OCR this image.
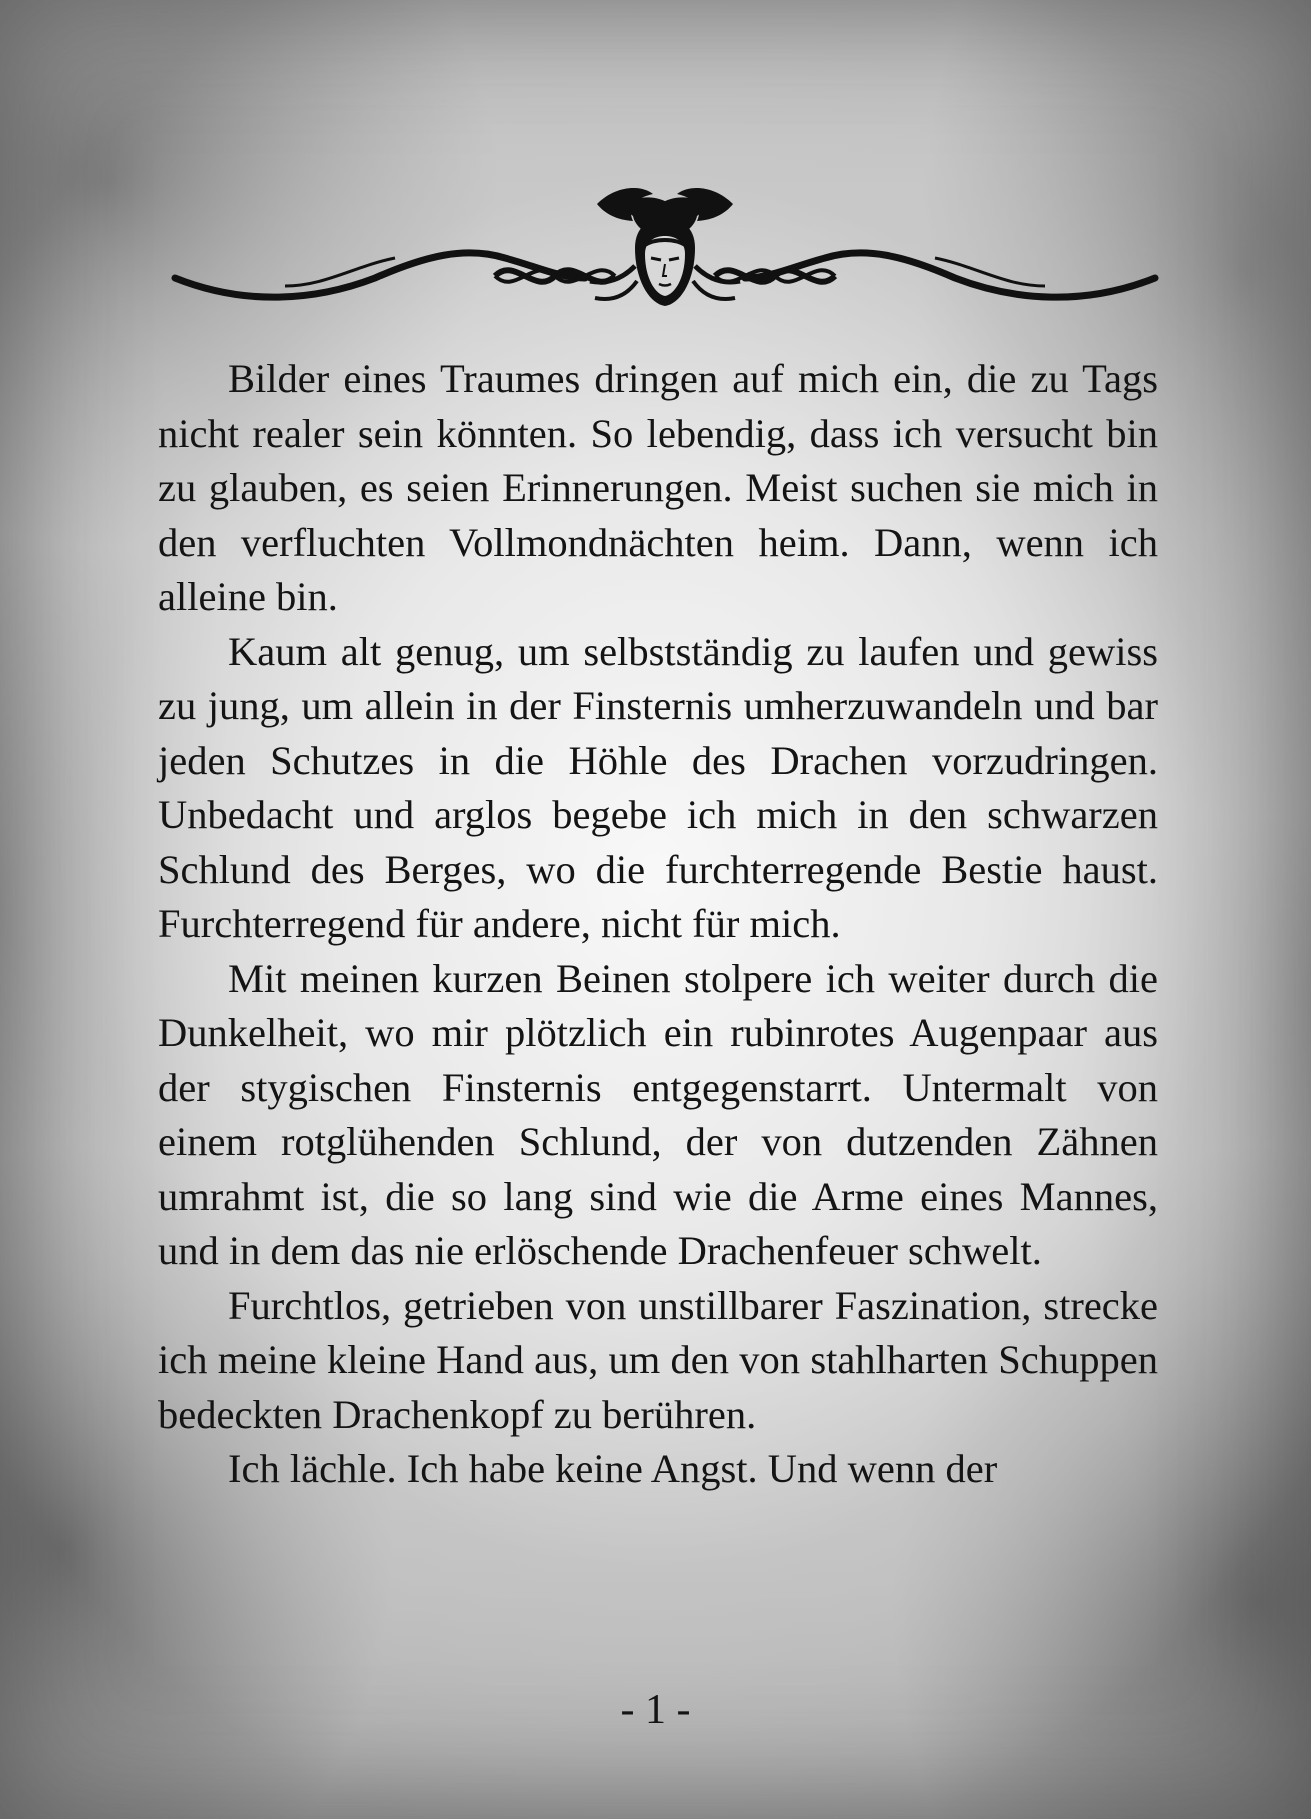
Bilder eines Traumes dringen auf mich ein, die zu Tags nicht realer sein könnten. So lebendig, dass ich versucht bin zu glauben, es seien Erinnerungen. Meist suchen sie mich in den verfluchten Vollmondnächten heim. Dann, wenn ich alleine bin.

Kaum alt genug, um selbstständig zu laufen und gewiss zu jung, um allein in der Finsternis umherzuwandeln und bar jeden Schutzes in die Höhle des Drachen vorzudringen. Unbedacht und arglos begebe ich mich in den schwarzen Schlund des Berges, wo die furchterregende Bestie haust. Furchterregend für andere, nicht für mich.

Mit meinen kurzen Beinen stolpere ich weiter durch die Dunkelheit, wo mir plötzlich ein rubinrotes Augenpaar aus der stygischen Finsternis entgegenstarrt. Untermalt von einem rotglühenden Schlund, der von dutzenden Zähnen umrahmt ist, die so lang sind wie die Arme eines Mannes, und in dem das nie erlöschende Drachenfeuer schwelt.

Furchtlos, getrieben von unstillbarer Faszination, strecke ich meine kleine Hand aus, um den von stahlharten Schuppen bedeckten Drachenkopf zu berühren.

Ich lächle. Ich habe keine Angst. Und wenn der

- 1 -
